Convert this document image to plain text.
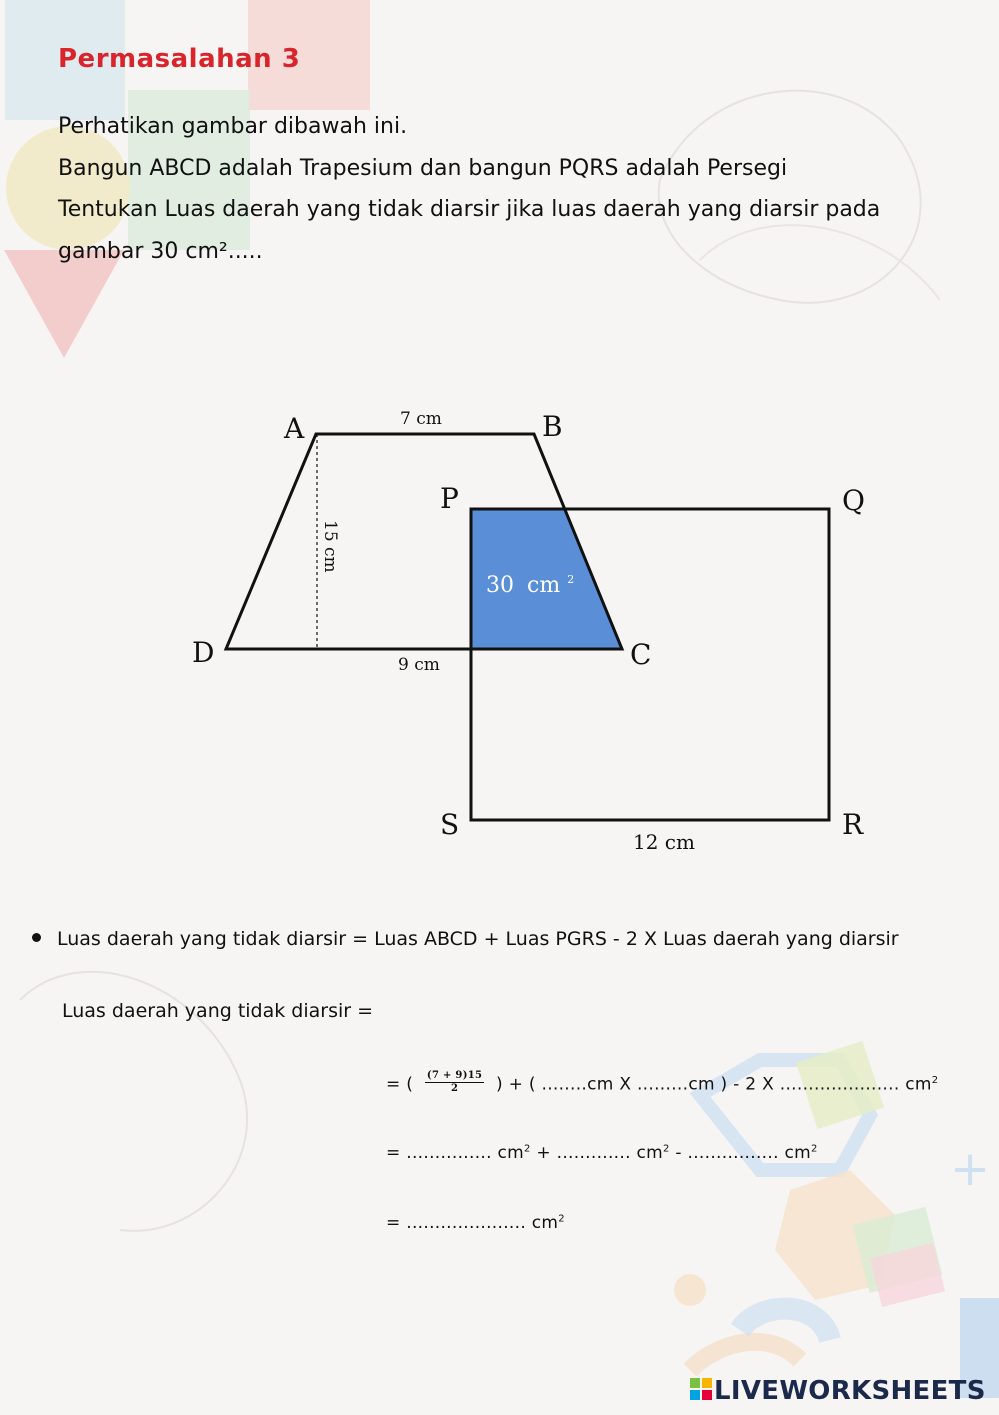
+
Permasalahan 3
Perhatikan gambar dibawah ini.
Bangun ABCD adalah Trapesium dan bangun PQRS adalah Persegi
Tentukan Luas daerah yang tidak diarsir jika luas daerah yang diarsir pada
gambar 30 cm².....
A	B
C
D
P	Q
R
S
7 cm
9 cm
15 cm
12 cm
30 cm $^2$
Luas daerah yang tidak diarsir = Luas ABCD + Luas PGRS - 2 X Luas daerah yang diarsir
Luas daerah yang tidak diarsir =
= ( $\frac{(7 + 9)15}{2}$ ) + ( ........cm X .........cm ) - 2 X ..................... $cm^2$
= ............... $cm^2$ + ............. $cm^2$ - ................ $cm^2$
= ..................... $cm^2$
LIVEWORKSHEETS
